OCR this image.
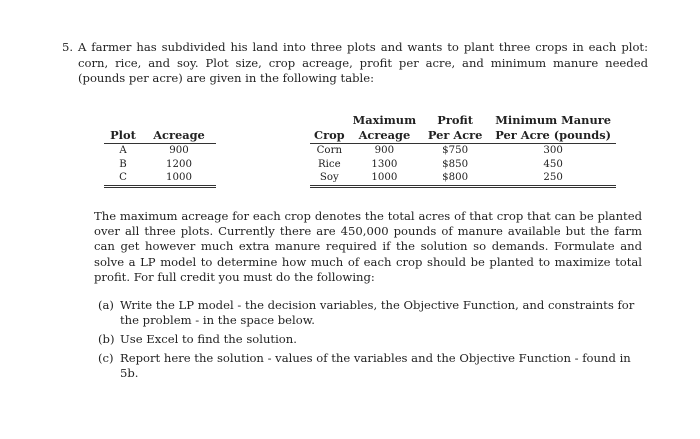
5. A farmer has subdivided his land into three plots and wants to plant three crops in each plot: corn, rice, and soy. Plot size, crop acreage, profit per acre, and minimum manure needed (pounds per acre) are given in the following table:

Plot	Acreage
A	900
B	1200
C	1000
	Maximum	Profit	Minimum Manure
Crop	Acreage	Per Acre	Per Acre (pounds)
Corn	900	$750	300
Rice	1300	$850	450
Soy	1000	$800	250

The maximum acreage for each crop denotes the total acres of that crop that can be planted over all three plots. Currently there are 450,000 pounds of manure available but the farm can get however much extra manure required if the solution so demands. Formulate and solve a LP model to determine how much of each crop should be planted to maximize total profit. For full credit you must do the following:

(a) Write the LP model - the decision variables, the Objective Function, and constraints for the problem - in the space below.
(b) Use Excel to find the solution.
(c) Report here the solution - values of the variables and the Objective Function - found in 5b.
